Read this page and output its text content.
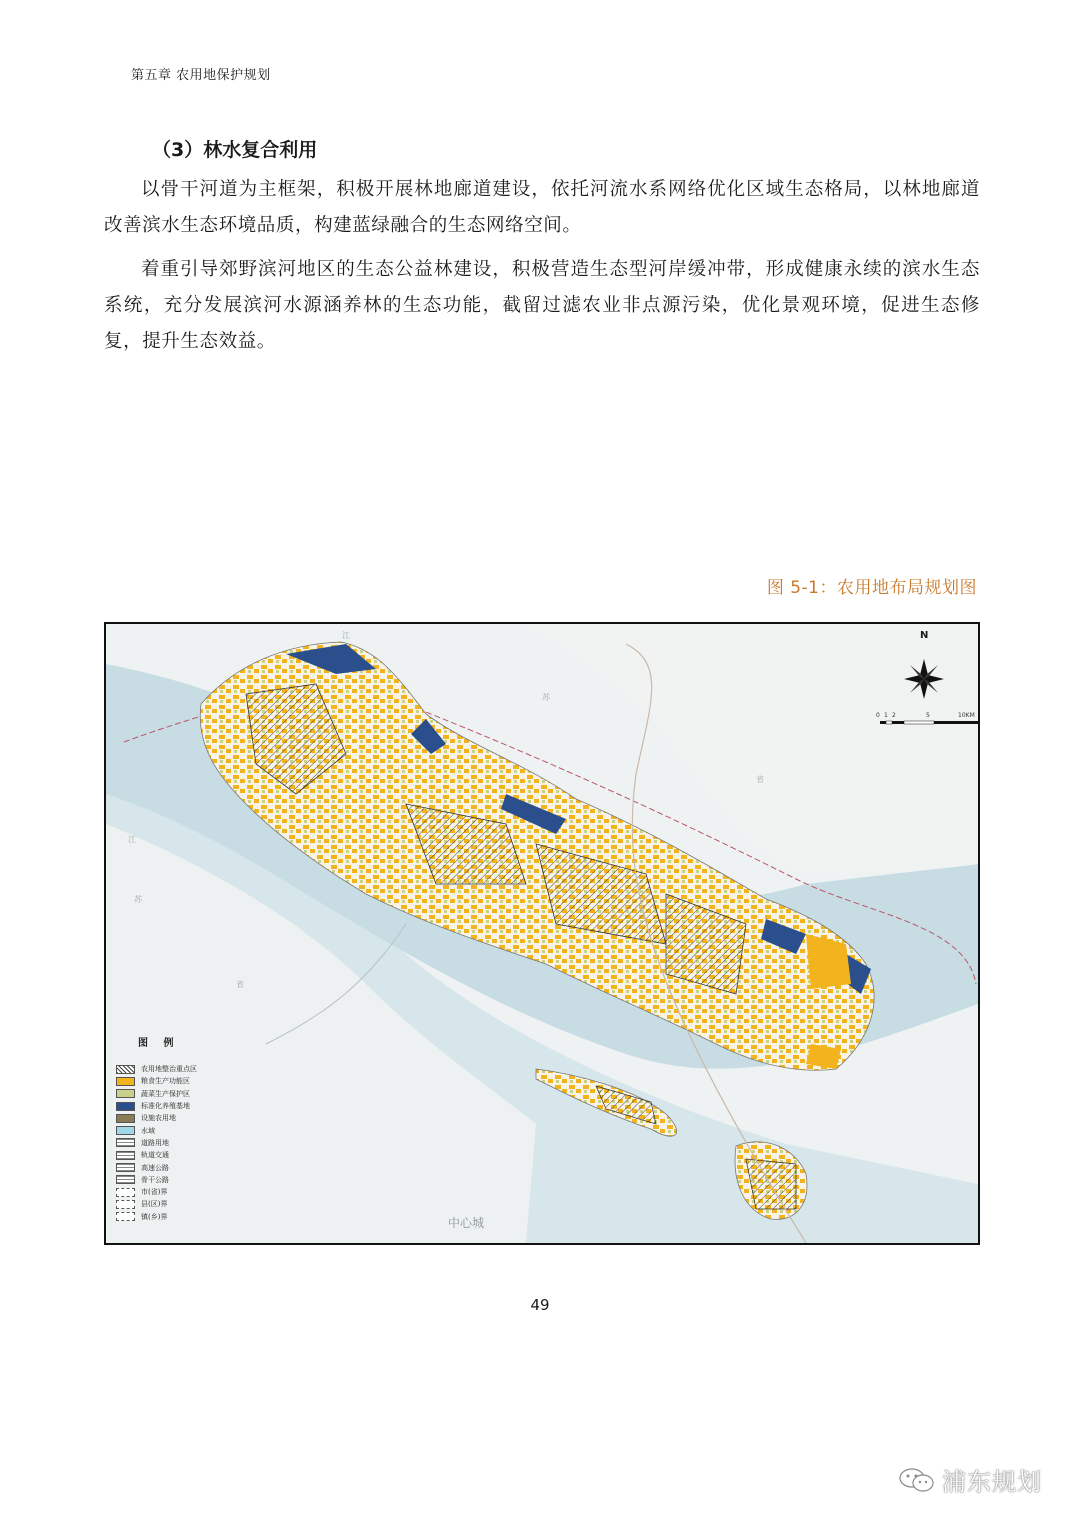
第五章 农用地保护规划
（3）林水复合利用

以骨干河道为主框架，积极开展林地廊道建设，依托河流水系网络优化区域生态格局，以林地廊道改善滨水生态环境品质，构建蓝绿融合的生态网络空间。

着重引导郊野滨河地区的生态公益林建设，积极营造生态型河岸缓冲带，形成健康永续的滨水生态系统，充分发展滨河水源涵养林的生态功能，截留过滤农业非点源污染，优化景观环境，促进生态修复，提升生态效益。

图 5-1：农用地布局规划图
N
0 1 2	5	10KM
江
苏
省
江
苏
省
中心城
图 例
农用地整治重点区
粮食生产功能区
蔬菜生产保护区
标准化养殖基地
设施农用地
水域
道路用地
轨道交通
高速公路
骨干公路
市(省)界
县(区)界
镇(乡)界
49
浦东规划
